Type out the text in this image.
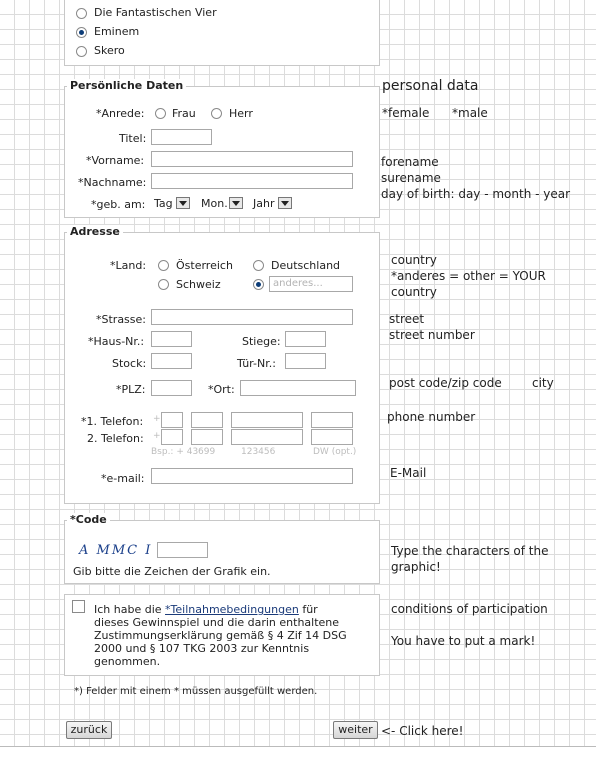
Die Fantastischen Vier
Eminem
Skero
Persönliche Daten
*Anrede: Frau	Herr
Titel:
*Vorname:
*Nachname:
*geb. am: Tag	Mon. Jahr
Adresse
*Land:	Österreich	Deutschland
Schweiz	anderes...
*Strasse:
*Haus-Nr.:	Stiege:
Stock:	Tür-Nr.:
*PLZ:	*Ort:
*1. Telefon: +
2. Telefon: +
Bsp.: + 43 699	123456	DW (opt.)
*e-mail:
*Code
A MMC I
Gib bitte die Zeichen der Grafik ein.
Ich habe die *Teilnahmebedingungen für
dieses Gewinnspiel und die darin enthaltene
Zustimmungserklärung gemäß § 4 Zif 14 DSG
2000 und § 107 TKG 2003 zur Kenntnis
genommen.
*) Felder mit einem * müssen ausgefüllt werden.
zurück	weiter
personal data
*female *male
forename
surename
day of birth: day - month - year
country
*anderes = other = YOUR
country
street
street number
post code/zip code	city
phone number
E-Mail
Type the characters of the
graphic!
conditions of participation
You have to put a mark!
<- Click here!
